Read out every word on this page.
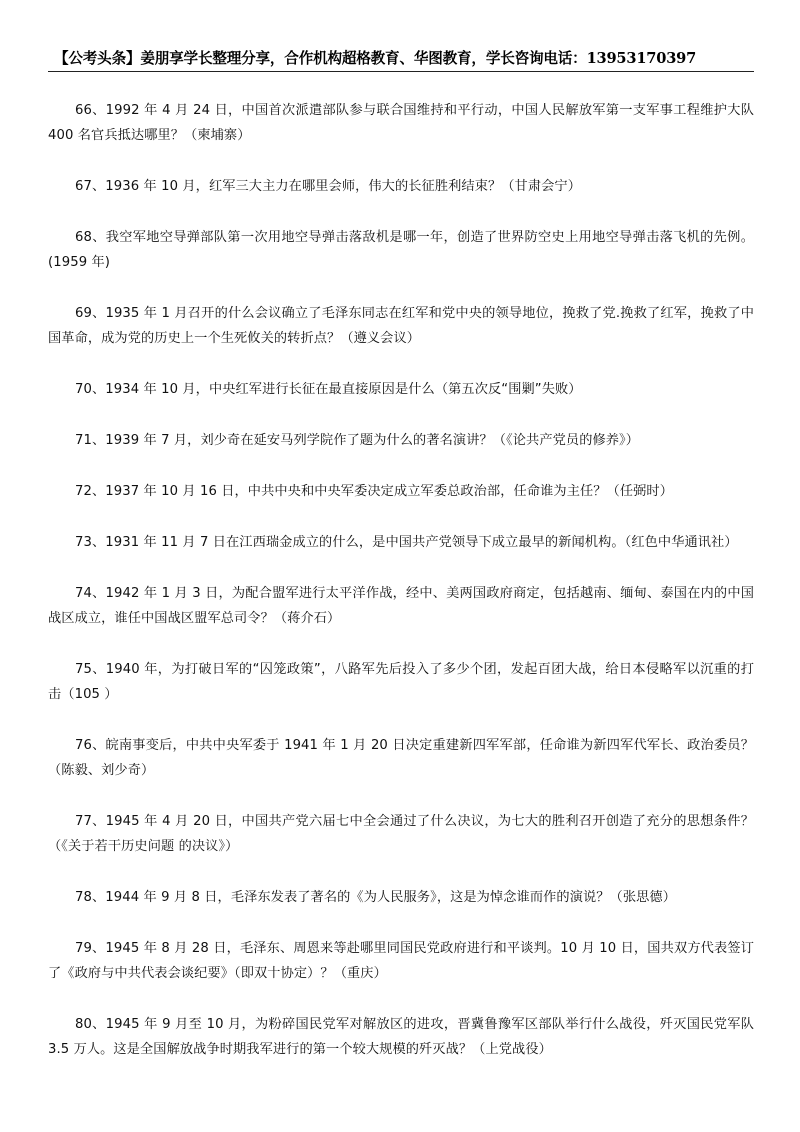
【公考头条】姜朋享学长整理分享，合作机构超格教育、华图教育，学长咨询电话：13953170397

66、1992 年 4 月 24 日，中国首次派遣部队参与联合国维持和平行动，中国人民解放军第一支军事工程维护大队 400 名官兵抵达哪里？（柬埔寨）

67、1936 年 10 月，红军三大主力在哪里会师，伟大的长征胜利结束？（甘肃会宁）

68、我空军地空导弹部队第一次用地空导弹击落敌机是哪一年，创造了世界防空史上用地空导弹击落飞机的先例。(1959 年)

69、1935 年 1 月召开的什么会议确立了毛泽东同志在红军和党中央的领导地位，挽救了党.挽救了红军，挽救了中国革命，成为党的历史上一个生死攸关的转折点？（遵义会议）

70、1934 年 10 月，中央红军进行长征在最直接原因是什么（第五次反“围剿”失败）

71、1939 年 7 月，刘少奇在延安马列学院作了题为什么的著名演讲？（《论共产党员的修养》）

72、1937 年 10 月 16 日，中共中央和中央军委决定成立军委总政治部，任命谁为主任？（任弼时）

73、1931 年 11 月 7 日在江西瑞金成立的什么，是中国共产党领导下成立最早的新闻机构。（红色中华通讯社）

74、1942 年 1 月 3 日，为配合盟军进行太平洋作战，经中、美两国政府商定，包括越南、缅甸、泰国在内的中国战区成立，谁任中国战区盟军总司令？（蒋介石）

75、1940 年，为打破日军的“囚笼政策”，八路军先后投入了多少个团，发起百团大战，给日本侵略军以沉重的打击（105 ）

76、皖南事变后，中共中央军委于 1941 年 1 月 20 日决定重建新四军军部，任命谁为新四军代军长、政治委员？（陈毅、刘少奇）

77、1945 年 4 月 20 日，中国共产党六届七中全会通过了什么决议，为七大的胜利召开创造了充分的思想条件？（《关于若干历史问题 的决议》）

78、1944 年 9 月 8 日，毛泽东发表了著名的《为人民服务》，这是为悼念谁而作的演说？（张思德）

79、1945 年 8 月 28 日，毛泽东、周恩来等赴哪里同国民党政府进行和平谈判。10 月 10 日，国共双方代表签订了《政府与中共代表会谈纪要》（即双十协定）？（重庆）

80、1945 年 9 月至 10 月，为粉碎国民党军对解放区的进攻，晋冀鲁豫军区部队举行什么战役，歼灭国民党军队 3.5 万人。这是全国解放战争时期我军进行的第一个较大规模的歼灭战？（上党战役）
